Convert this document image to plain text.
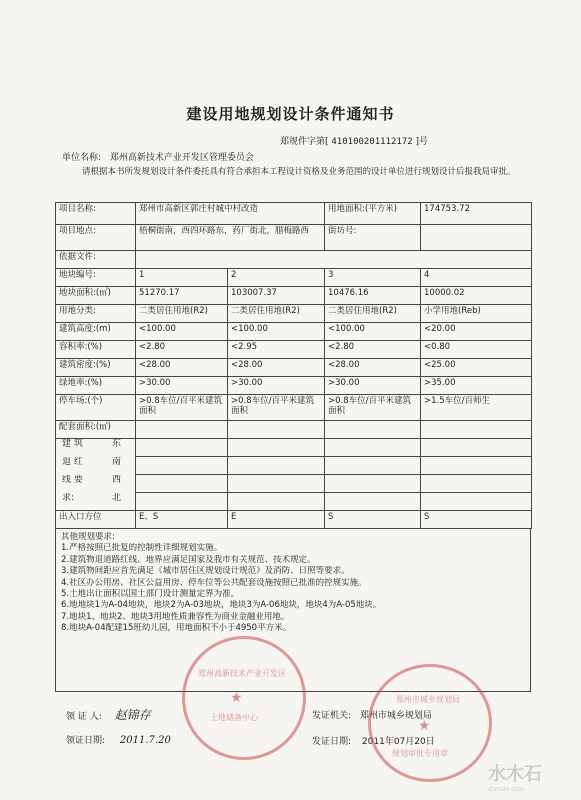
建设用地规划设计条件通知书
郑规件字第[ 410100201112172 ]号
单位名称: 郑州高新技术产业开发区管理委员会
请根据本书所发规划设计条件委托具有符合承担本工程设计资格及业务范围的设计单位进行规划设计后报我局审批。
项目名称:	郑州市高新区郭庄村城中村改造		用地面积:(平方米)	174753.72
项目地点:	梧桐街南，西四环路东，药厂街北，腊梅路西		街坊号:	
依据文件:				
地块编号:	1	2	3	4
地块面积:(㎡)	51270.17	103007.37	10476.16	10000.02
用地分类:	二类居住用地(R2)	二类居住用地(R2)	二类居住用地(R2)	小学用地(Reb)
建筑高度:(m)	<100.00	<100.00	<100.00	<20.00
容积率:(%)	<2.80	<2.95	<2.80	<0.80
建筑密度:(%)	<28.00	<28.00	<28.00	<25.00
绿地率:(%)	>30.00	>30.00	>30.00	>35.00
停车场:(个)	>0.8车位/百平米建筑面积	>0.8车位/百平米建筑面积	>0.8车位/百平米建筑面积	>1.5车位/百师生
配套面积:(㎡)				

建 筑 东				

退 红 南				

线 要 西				

求: 北				

出入口方位	E、S	E	S	S
其他规划要求:
1.严格按照已批复的控制性详细规划实施。
2.建筑物退道路红线、地界应满足国家及我市有关规范、技术规定。
3.建筑物间距应首先满足《城市居住区规划设计规范》及消防、日照等要求。
4.社区办公用房、社区公益用房、停车位等公共配套设施按照已批准的控规实施。
5.土地出让面积以国土部门设计测量定界为准。
6.地地块1为A-04地块，地块2为A-03地块，地块3为A-06地块，地块4为A-05地块。
7.地块1、地块2、地块3用地性质兼容性为商业金融业用地。
8.地块A-04配建15班幼儿园，用地面积不小于4950平方米。
领 证 人: 赵锦存
领证日期: 2011.7.20
发证机关: 郑州市城乡规划局
发证日期: 2011年07月20日
郑州高新技术产业开发区
土地储备中心
★	郑州市城乡规划局
规划审批专用章
★
水木石
shmshi.com
